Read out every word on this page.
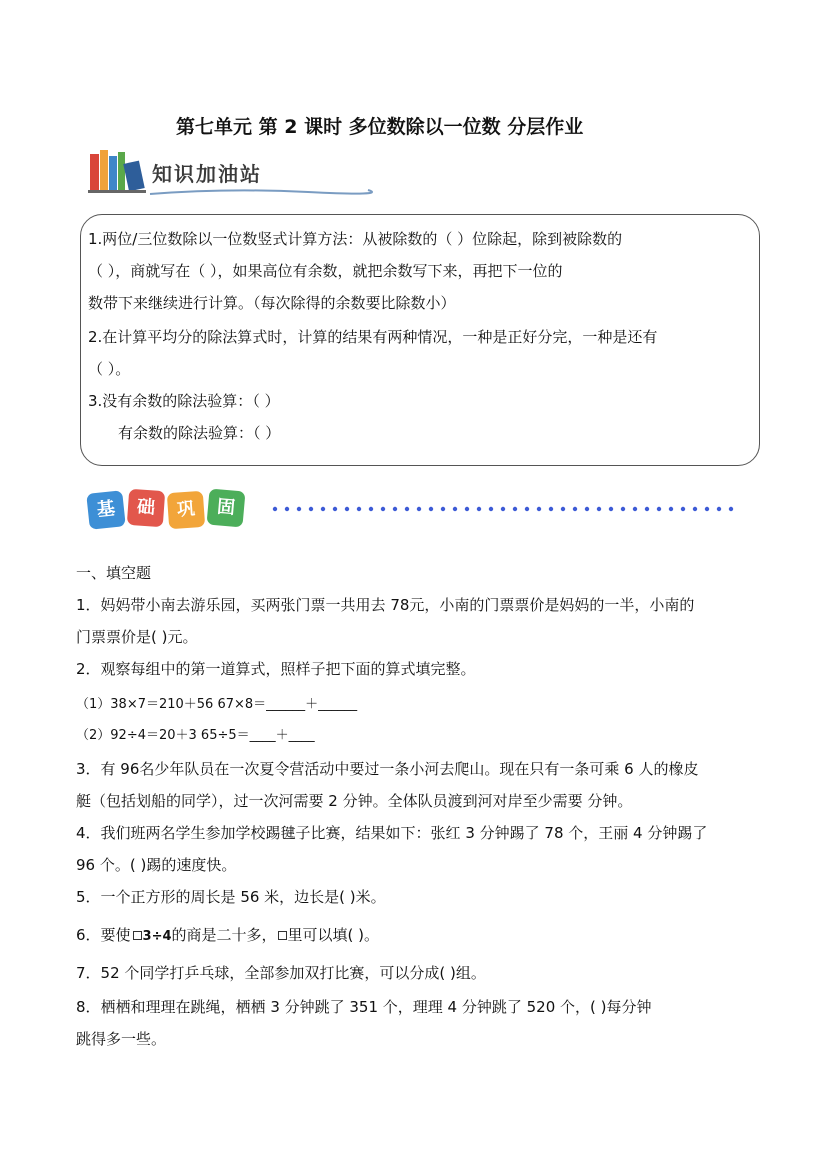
第七单元 第 2 课时 多位数除以一位数 分层作业
知识加油站
1.两位/三位数除以一位数竖式计算方法：从被除数的（ ）位除起，除到被除数的
（ ），商就写在（ ），如果高位有余数，就把余数写下来，再把下一位的
数带下来继续进行计算。（每次除得的余数要比除数小）
2.在计算平均分的除法算式时，计算的结果有两种情况，一种是正好分完，一种是还有
（ ）。
3.没有余数的除法验算：（ ）
有余数的除法验算：（ ）
基	础	巩	固
一、填空题
1．妈妈带小南去游乐园，买两张门票一共用去 78元，小南的门票票价是妈妈的一半，小南的
门票票价是( )元。
2．观察每组中的第一道算式，照样子把下面的算式填完整。
（1）38×7＝210＋56 67×8＝______＋______
（2）92÷4＝20＋3 65÷5＝____＋____
3．有 96名少年队员在一次夏令营活动中要过一条小河去爬山。现在只有一条可乘 6 人的橡皮
艇（包括划船的同学），过一次河需要 2 分钟。全体队员渡到河对岸至少需要 分钟。
4．我们班两名学生参加学校踢毽子比赛，结果如下：张红 3 分钟踢了 78 个，王丽 4 分钟踢了
96 个。( )踢的速度快。
5．一个正方形的周长是 56 米，边长是( )米。
6．要使 3÷4的商是二十多， 里可以填( )。
7．52 个同学打乒乓球，全部参加双打比赛，可以分成( )组。
8．栖栖和理理在跳绳，栖栖 3 分钟跳了 351 个，理理 4 分钟跳了 520 个，( )每分钟
跳得多一些。
